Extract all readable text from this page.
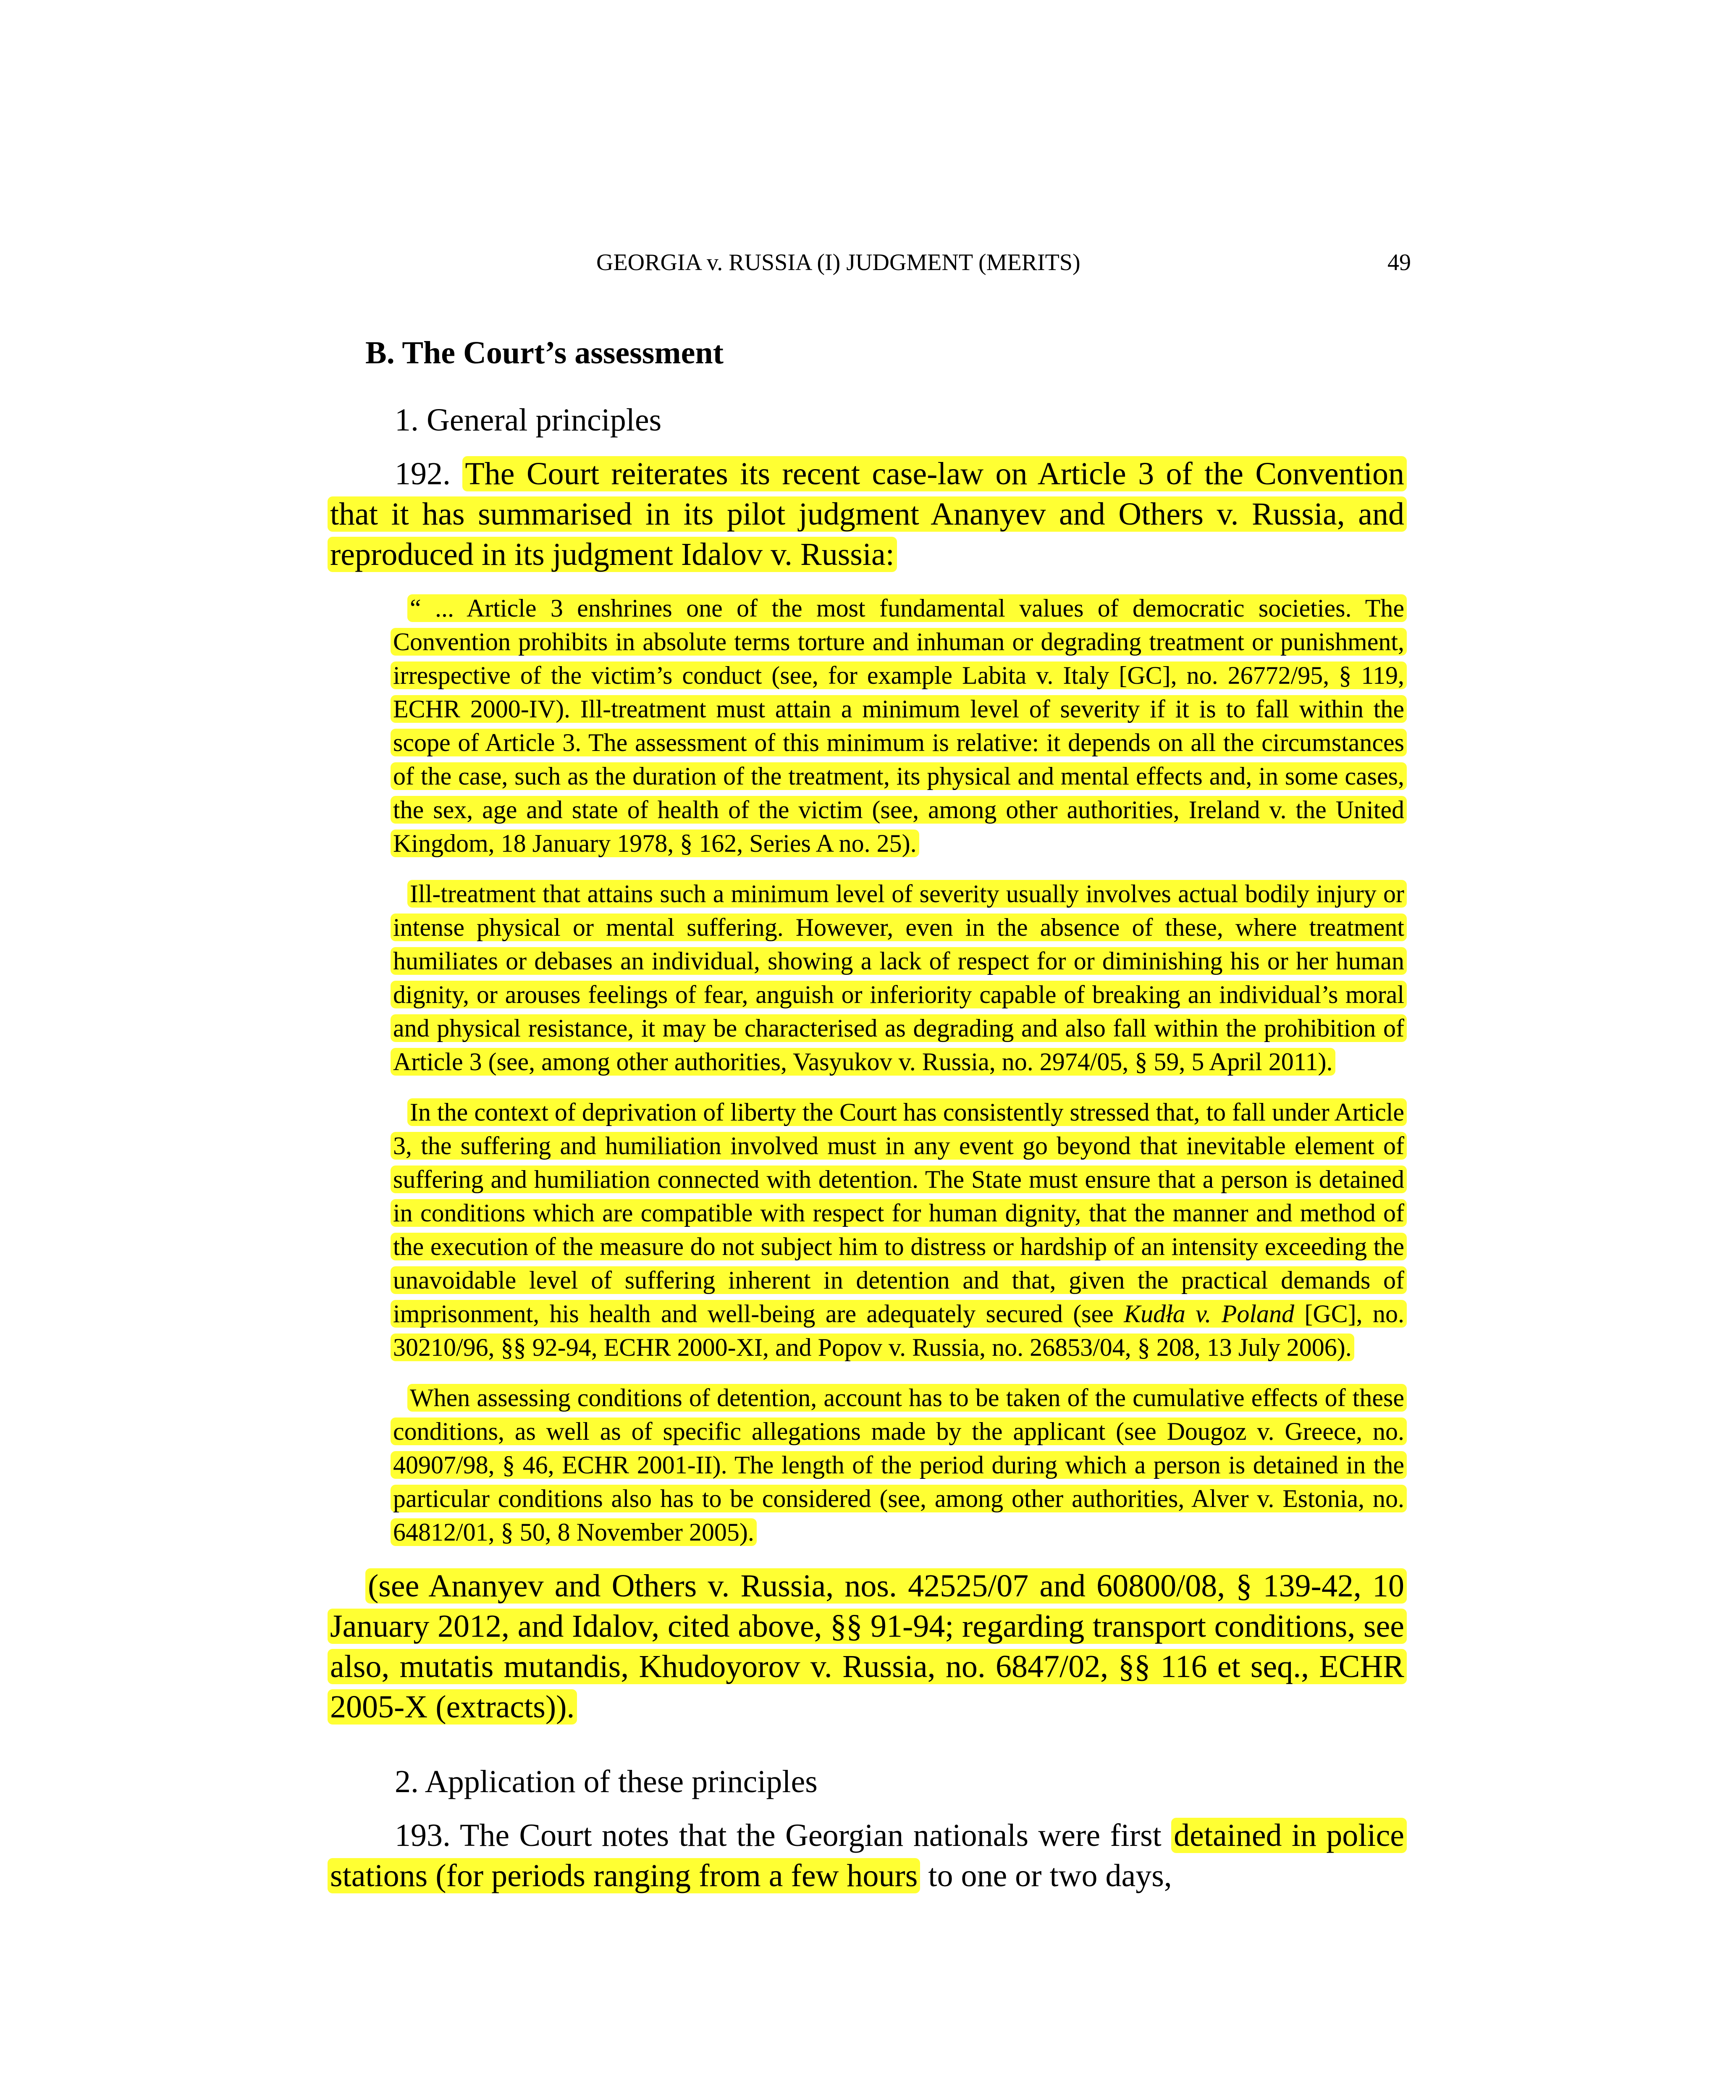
GEORGIA v. RUSSIA (I) JUDGMENT (MERITS)	49
B. The Court’s assessment
1. General principles

192. The Court reiterates its recent case-law on Article 3 of the Convention that it has summarised in its pilot judgment Ananyev and Others v. Russia, and reproduced in its judgment Idalov v. Russia:

“ ... Article 3 enshrines one of the most fundamental values of democratic societies. The Convention prohibits in absolute terms torture and inhuman or degrading treatment or punishment, irrespective of the victim’s conduct (see, for example Labita v. Italy [GC], no. 26772/95, § 119, ECHR 2000-IV). Ill-treatment must attain a minimum level of severity if it is to fall within the scope of Article 3. The assessment of this minimum is relative: it depends on all the circumstances of the case, such as the duration of the treatment, its physical and mental effects and, in some cases, the sex, age and state of health of the victim (see, among other authorities, Ireland v. the United Kingdom, 18 January 1978, § 162, Series A no. 25).

Ill-treatment that attains such a minimum level of severity usually involves actual bodily injury or intense physical or mental suffering. However, even in the absence of these, where treatment humiliates or debases an individual, showing a lack of respect for or diminishing his or her human dignity, or arouses feelings of fear, anguish or inferiority capable of breaking an individual’s moral and physical resistance, it may be characterised as degrading and also fall within the prohibition of Article 3 (see, among other authorities, Vasyukov v. Russia, no. 2974/05, § 59, 5 April 2011).

In the context of deprivation of liberty the Court has consistently stressed that, to fall under Article 3, the suffering and humiliation involved must in any event go beyond that inevitable element of suffering and humiliation connected with detention. The State must ensure that a person is detained in conditions which are compatible with respect for human dignity, that the manner and method of the execution of the measure do not subject him to distress or hardship of an intensity exceeding the unavoidable level of suffering inherent in detention and that, given the practical demands of imprisonment, his health and well-being are adequately secured (see Kudła v. Poland [GC], no. 30210/96, §§ 92-94, ECHR 2000‑XI, and Popov v. Russia, no. 26853/04, § 208, 13 July 2006).

When assessing conditions of detention, account has to be taken of the cumulative effects of these conditions, as well as of specific allegations made by the applicant (see Dougoz v. Greece, no. 40907/98, § 46, ECHR 2001-II). The length of the period during which a person is detained in the particular conditions also has to be considered (see, among other authorities, Alver v. Estonia, no. 64812/01, § 50, 8 November 2005).

(see Ananyev and Others v. Russia, nos. 42525/07 and 60800/08, § 139-42, 10 January 2012, and Idalov, cited above, §§ 91-94; regarding transport conditions, see also, mutatis mutandis, Khudoyorov v. Russia, no. 6847/02, §§ 116 et seq., ECHR 2005-X (extracts)).

2. Application of these principles

193. The Court notes that the Georgian nationals were first detained in police stations (for periods ranging from a few hours to one or two days,
